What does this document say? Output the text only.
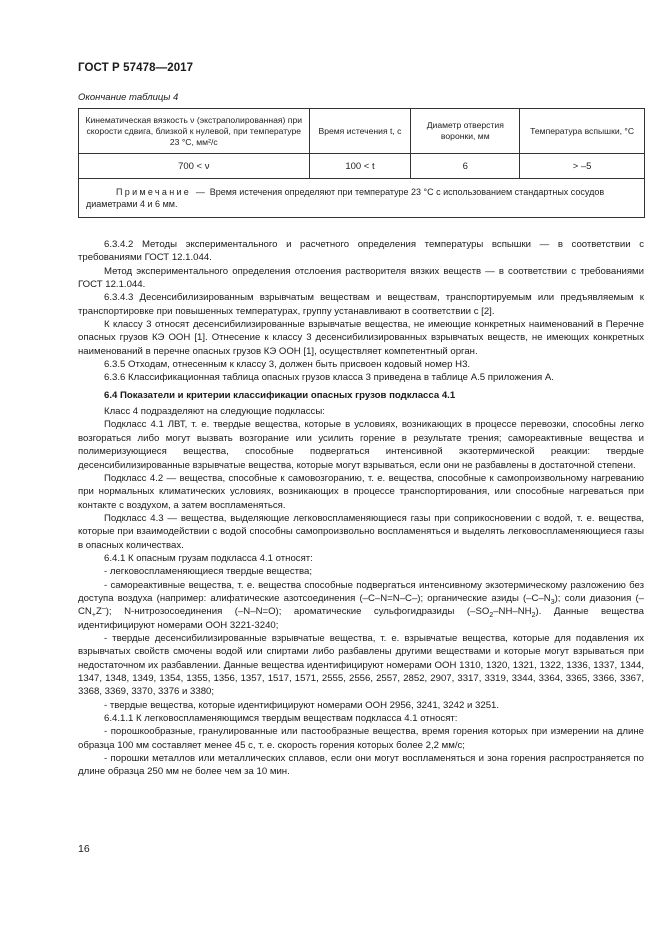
ГОСТ Р 57478—2017
Окончание таблицы 4
Кинематическая вязкость ν (экстраполированная) при скорости сдвига, близкой к нулевой, при температуре 23 °С, мм²/с	Время истечения t, с	Диаметр отверстия воронки, мм	Температура вспышки, °С
700 < ν	100 < t	6	> –5
Примечание — Время истечения определяют при температуре 23 °С с использованием стандартных сосудов диаметрами 4 и 6 мм.			

6.3.4.2 Методы экспериментального и расчетного определения температуры вспышки — в соответствии с требованиями ГОСТ 12.1.044.

Метод экспериментального определения отслоения растворителя вязких веществ — в соответствии с требованиями ГОСТ 12.1.044.

6.3.4.3 Десенсибилизированным взрывчатым веществам и веществам, транспортируемым или предъявляемым к транспортировке при повышенных температурах, группу устанавливают в соответствии с [2].

К классу 3 относят десенсибилизированные взрывчатые вещества, не имеющие конкретных наименований в Перечне опасных грузов КЭ ООН [1]. Отнесение к классу 3 десенсибилизированных взрывчатых веществ, не имеющих конкретных наименований в перечне опасных грузов КЭ ООН [1], осуществляет компетентный орган.

6.3.5 Отходам, отнесенным к классу 3, должен быть присвоен кодовый номер Н3.

6.3.6 Классификационная таблица опасных грузов класса 3 приведена в таблице А.5 приложения А.

6.4 Показатели и критерии классификации опасных грузов подкласса 4.1

Класс 4 подразделяют на следующие подклассы:

Подкласс 4.1 ЛВТ, т. е. твердые вещества, которые в условиях, возникающих в процессе перевозки, способны легко возгораться либо могут вызвать возгорание или усилить горение в результате трения; самореактивные вещества и полимеризующиеся вещества, способные подвергаться интенсивной экзотермической реакции: твердые десенсибилизированные взрывчатые вещества, которые могут взрываться, если они не разбавлены в достаточной степени.

Подкласс 4.2 — вещества, способные к самовозгоранию, т. е. вещества, способные к самопроизвольному нагреванию при нормальных климатических условиях, возникающих в процессе транспортирования, или способные нагреваться при контакте с воздухом, а затем воспламеняться.

Подкласс 4.3 — вещества, выделяющие легковоспламеняющиеся газы при соприкосновении с водой, т. е. вещества, которые при взаимодействии с водой способны самопроизвольно воспламеняться и выделять легковоспламеняющиеся газы в опасных количествах.

6.4.1 К опасным грузам подкласса 4.1 относят:

- легковоспламеняющиеся твердые вещества;

- самореактивные вещества, т. е. вещества способные подвергаться интенсивному экзотермическому разложению без доступа воздуха (например: алифатические азотсоединения (–C–N=N–C–); органические азиды $(-C-N_3)$; соли диазония $(-CN_+Z^-)$; N-нитрозосоединения (–N–N=O); ароматические сульфогидразиды $(-SO_2-NH-NH_2)$. Данные вещества идентифицируют номерами ООН 3221-3240;

- твердые десенсибилизированные взрывчатые вещества, т. е. взрывчатые вещества, которые для подавления их взрывчатых свойств смочены водой или спиртами либо разбавлены другими веществами и которые могут взрываться при недостаточном их разбавлении. Данные вещества идентифицируют номерами ООН 1310, 1320, 1321, 1322, 1336, 1337, 1344, 1347, 1348, 1349, 1354, 1355, 1356, 1357, 1517, 1571, 2555, 2556, 2557, 2852, 2907, 3317, 3319, 3344, 3364, 3365, 3366, 3367, 3368, 3369, 3370, 3376 и 3380;

- твердые вещества, которые идентифицируют номерами ООН 2956, 3241, 3242 и 3251.

6.4.1.1 К легковоспламеняющимся твердым веществам подкласса 4.1 относят:

- порошкообразные, гранулированные или пастообразные вещества, время горения которых при измерении на длине образца 100 мм составляет менее 45 с, т. е. скорость горения которых более 2,2 мм/с;

- порошки металлов или металлических сплавов, если они могут воспламеняться и зона горения распространяется по длине образца 250 мм не более чем за 10 мин.

16
